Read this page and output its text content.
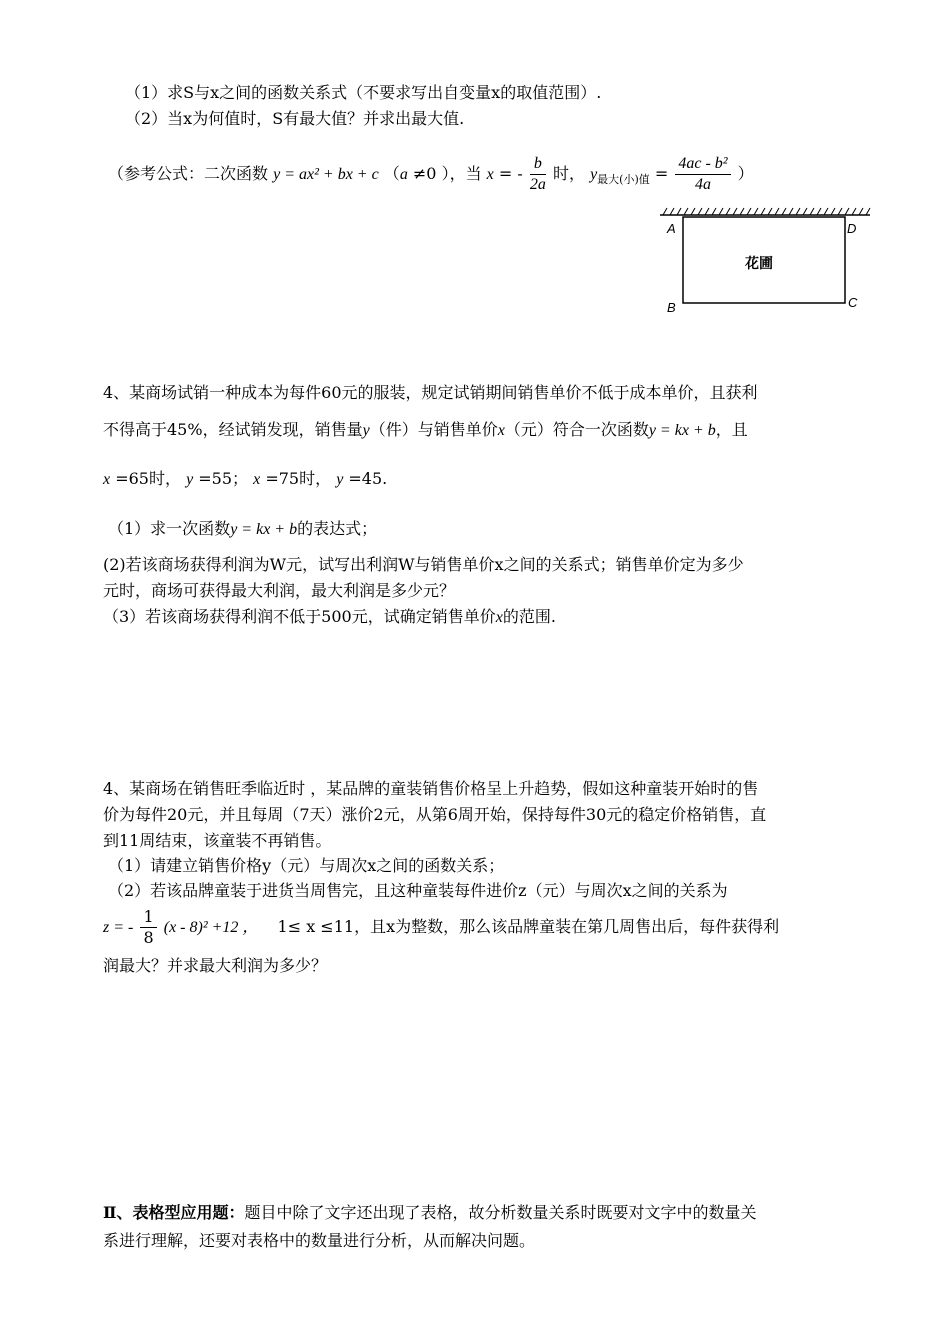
（1）求S与x之间的函数关系式（不要求写出自变量x的取值范围）.
（2）当x为何值时，S有最大值？并求出最大值.
（参考公式：二次函数 y = ax² + bx + c （a ≠0 ），当 x = - $\frac{b}{2a}$ 时， $y_{最大(小)值} = \frac{\text{4ac - b²}}{4a}$ ）
A	D
B	C
花圃
4、某商场试销一种成本为每件60元的服装，规定试销期间销售单价不低于成本单价，且获利
不得高于45%，经试销发现，销售量y（件）与销售单价x（元）符合一次函数y = kx + b，且
x =65时， y =55； x =75时， y =45.
（1）求一次函数y = kx + b的表达式；
(2)若该商场获得利润为W元，试写出利润W与销售单价x之间的关系式；销售单价定为多少
元时，商场可获得最大利润，最大利润是多少元？
（3）若该商场获得利润不低于500元，试确定销售单价x的范围.
4、某商场在销售旺季临近时 ，某品牌的童装销售价格呈上升趋势，假如这种童装开始时的售
价为每件20元，并且每周（7天）涨价2元，从第6周开始，保持每件30元的稳定价格销售，直
到11周结束，该童装不再销售。
（1）请建立销售价格y（元）与周次x之间的函数关系；
（2）若该品牌童装于进货当周售完，且这种童装每件进价z（元）与周次x之间的关系为
z = - $\frac{1}{8} (x - 8)^2 +12$ ， 1≤ x ≤11，且x为整数，那么该品牌童装在第几周售出后，每件获得利
润最大？并求最大利润为多少？
Ⅱ、表格型应用题：题目中除了文字还出现了表格，故分析数量关系时既要对文字中的数量关
系进行理解，还要对表格中的数量进行分析，从而解决问题。
